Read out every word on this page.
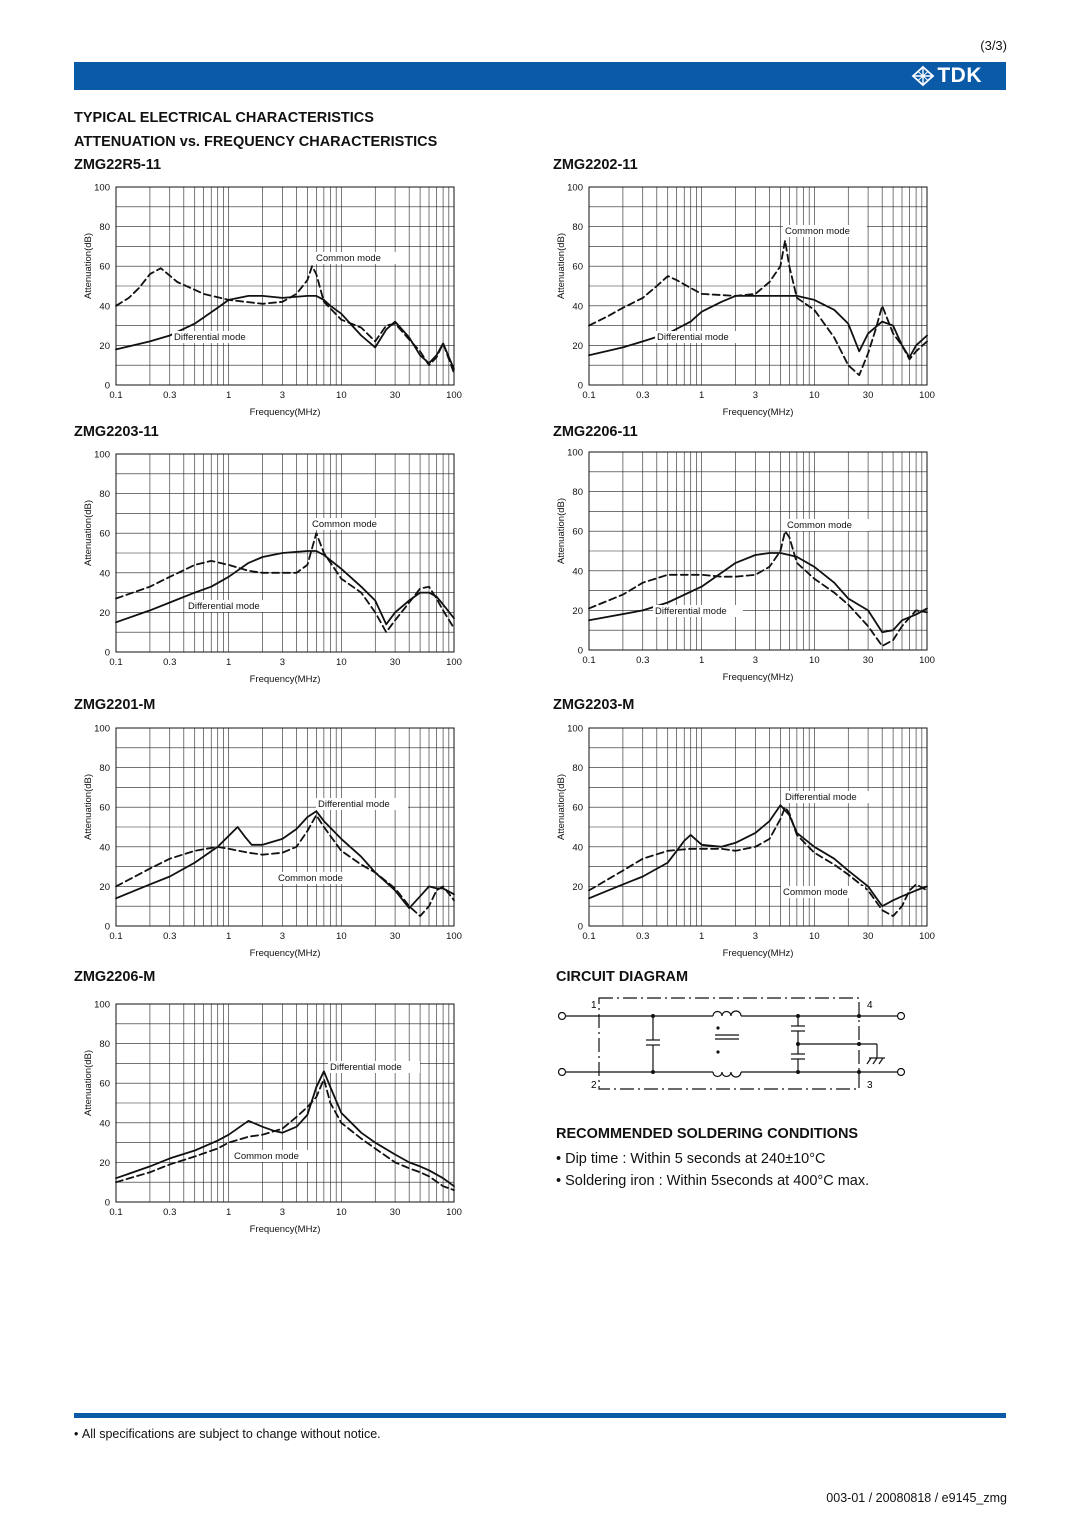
(3/3)
TDK
TYPICAL ELECTRICAL CHARACTERISTICS
ATTENUATION vs. FREQUENCY CHARACTERISTICS
ZMG22R5-11
0
20
40
60
80
100
0.1	0.3	1	3	10	30	100
Frequency(MHz)
Attenuation(dB)	Common mode
Differential mode
ZMG2202-11
0
20
40
60
80
100
0.1	0.3	1	3	10	30	100
Frequency(MHz)
Attenuation(dB)
Common mode
Differential mode
ZMG2203-11
0
20
40
60
80
100
0.1	0.3	1	3	10	30	100
Frequency(MHz)
Attenuation(dB)	Common mode
Differential mode
ZMG2206-11
0
20
40
60
80
100
0.1	0.3	1	3	10	30	100
Frequency(MHz)
Attenuation(dB)	Common mode
Differential mode
ZMG2201-M
0
20
40
60
80
100
0.1	0.3	1	3	10	30	100
Frequency(MHz)
Attenuation(dB)	Differential mode
Common mode
ZMG2203-M
0
20
40
60
80
100
0.1	0.3	1	3	10	30	100
Frequency(MHz)
Attenuation(dB)	Differential mode
Common mode
ZMG2206-M
0
20
40
60
80
100
0.1	0.3	1	3	10	30	100
Frequency(MHz)
Attenuation(dB)	Differential mode
Common mode
CIRCUIT DIAGRAM
1
2	3
4
RECOMMENDED SOLDERING CONDITIONS
• Dip time : Within 5 seconds at 240±10°C
• Soldering iron : Within 5seconds at 400°C max.
• All specifications are subject to change without notice.
003-01 / 20080818 / e9145_zmg
